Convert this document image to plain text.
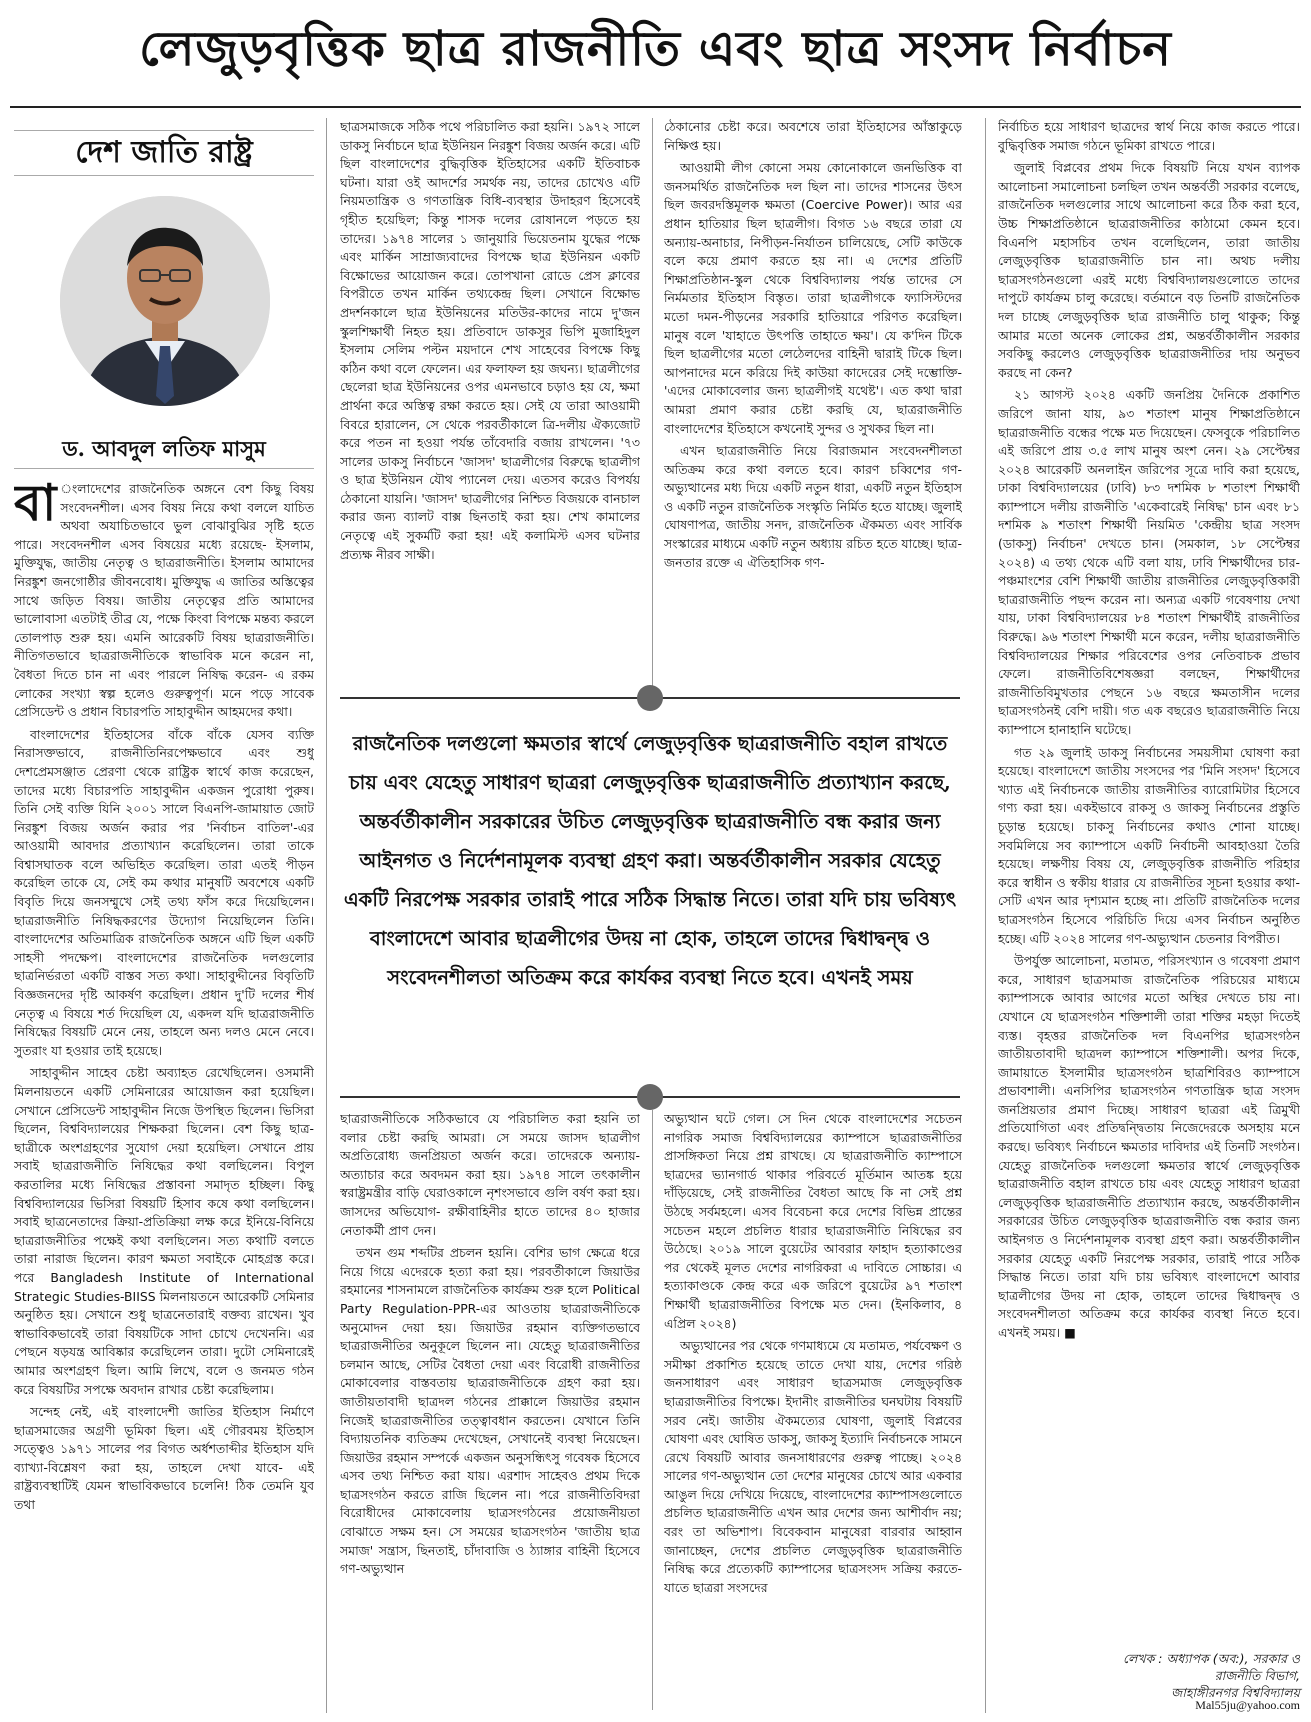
লেজুড়বৃত্তিক ছাত্র রাজনীতি এবং ছাত্র সংসদ নির্বাচন
দেশ জাতি রাষ্ট্র
ড. আবদুল লতিফ মাসুম

বা ংলাদেশের রাজনৈতিক অঙ্গনে বেশ কিছু বিষয় সংবেদনশীল। এসব বিষয় নিয়ে কথা বললে যাচিত অথবা অযাচিতভাবে ভুল বোঝাবুঝির সৃষ্টি হতে পারে। সংবেদনশীল এসব বিষয়ের মধ্যে রয়েছে- ইসলাম, মুক্তিযুদ্ধ, জাতীয় নেতৃত্ব ও ছাত্ররাজনীতি। ইসলাম আমাদের নিরঙ্কুশ জনগোষ্ঠীর জীবনবোধ। মুক্তিযুদ্ধ এ জাতির অস্তিত্বের সাথে জড়িত বিষয়। জাতীয় নেতৃত্বের প্রতি আমাদের ভালোবাসা এতটাই তীব্র যে, পক্ষে কিংবা বিপক্ষে মন্তব্য করলে তোলপাড় শুরু হয়। এমনি আরেকটি বিষয় ছাত্ররাজনীতি। নীতিগতভাবে ছাত্ররাজনীতিকে স্বাভাবিক মনে করেন না, বৈধতা দিতে চান না এবং পারলে নিষিদ্ধ করেন- এ রকম লোকের সংখ্যা স্বল্প হলেও গুরুত্বপূর্ণ। মনে পড়ে সাবেক প্রেসিডেন্ট ও প্রধান বিচারপতি সাহাবুদ্দীন আহমদের কথা।

বাংলাদেশের ইতিহাসের বাঁকে বাঁকে যেসব ব্যক্তি নিরাসক্তভাবে, রাজনীতিনিরপেক্ষভাবে এবং শুধু দেশপ্রেমসঞ্জাত প্রেরণা থেকে রাষ্ট্রিক স্বার্থে কাজ করেছেন, তাদের মধ্যে বিচারপতি সাহাবুদ্দীন একজন পুরোধা পুরুষ। তিনি সেই ব্যক্তি যিনি ২০০১ সালে বিএনপি-জামায়াত জোট নিরঙ্কুশ বিজয় অর্জন করার পর 'নির্বাচন বাতিল'-এর আওয়ামী আবদার প্রত্যাখ্যান করেছিলেন। তারা তাকে বিশ্বাসঘাতক বলে অভিহিত করেছিল। তারা এতই পীড়ন করেছিল তাকে যে, সেই কম কথার মানুষটি অবশেষে একটি বিবৃতি দিয়ে জনসম্মুখে সেই তথ্য ফাঁস করে দিয়েছিলেন। ছাত্ররাজনীতি নিষিদ্ধকরণের উদ্যোগ নিয়েছিলেন তিনি। বাংলাদেশের অতিমাত্রিক রাজনৈতিক অঙ্গনে এটি ছিল একটি সাহসী পদক্ষেপ। বাংলাদেশের রাজনৈতিক দলগুলোর ছাত্রনির্ভরতা একটি বাস্তব সত্য কথা। সাহাবুদ্দীনের বিবৃতিটি বিজ্ঞজনদের দৃষ্টি আকর্ষণ করেছিল। প্রধান দু'টি দলের শীর্ষ নেতৃত্ব এ বিষয়ে শর্ত দিয়েছিল যে, একদল যদি ছাত্ররাজনীতি নিষিদ্ধের বিষয়টি মেনে নেয়, তাহলে অন্য দলও মেনে নেবে। সুতরাং যা হওয়ার তাই হয়েছে।

সাহাবুদ্দীন সাহেব চেষ্টা অব্যাহত রেখেছিলেন। ওসমানী মিলনায়তনে একটি সেমিনারের আয়োজন করা হয়েছিল। সেখানে প্রেসিডেন্ট সাহাবুদ্দীন নিজে উপস্থিত ছিলেন। ভিসিরা ছিলেন, বিশ্ববিদ্যালয়ের শিক্ষকরা ছিলেন। বেশ কিছু ছাত্র-ছাত্রীকে অংশগ্রহণের সুযোগ দেয়া হয়েছিল। সেখানে প্রায় সবাই ছাত্ররাজনীতি নিষিদ্ধের কথা বলছিলেন। বিপুল করতালির মধ্যে নিষিদ্ধের প্রস্তাবনা সমাদৃত হচ্ছিল। কিছু বিশ্ববিদ্যালয়ের ভিসিরা বিষয়টি হিসাব কষে কথা বলছিলেন। সবাই ছাত্রনেতাদের ক্রিয়া-প্রতিক্রিয়া লক্ষ করে ইনিয়ে-বিনিয়ে ছাত্ররাজনীতির পক্ষেই কথা বলছিলেন। সত্য কথাটি বলতে তারা নারাজ ছিলেন। কারণ ক্ষমতা সবাইকে মোহগ্রস্ত করে। পরে Bangladesh Institute of International Strategic Studies-BIISS মিলনায়তনে আরেকটি সেমিনার অনুষ্ঠিত হয়। সেখানে শুধু ছাত্রনেতারাই বক্তব্য রাখেন। খুব স্বাভাবিকভাবেই তারা বিষয়টিকে সাদা চোখে দেখেননি। এর পেছনে ষড়যন্ত্র আবিষ্কার করেছিলেন তারা। দুটো সেমিনারেই আমার অংশগ্রহণ ছিল। আমি লিখে, বলে ও জনমত গঠন করে বিষয়টির সপক্ষে অবদান রাখার চেষ্টা করেছিলাম।

সন্দেহ নেই, এই বাংলাদেশী জাতির ইতিহাস নির্মাণে ছাত্রসমাজের অগ্রণী ভূমিকা ছিল। এই গৌরবময় ইতিহাস সত্ত্বেও ১৯৭১ সালের পর বিগত অর্ধশতাব্দীর ইতিহাস যদি ব্যাখ্যা-বিশ্লেষণ করা হয়, তাহলে দেখা যাবে- এই রাষ্ট্রব্যবস্থাটিই যেমন স্বাভাবিকভাবে চলেনি! ঠিক তেমনি যুব তথা

ছাত্রসমাজকে সঠিক পথে পরিচালিত করা হয়নি। ১৯৭২ সালে ডাকসু নির্বাচনে ছাত্র ইউনিয়ন নিরঙ্কুশ বিজয় অর্জন করে। এটি ছিল বাংলাদেশের বুদ্ধিবৃত্তিক ইতিহাসের একটি ইতিবাচক ঘটনা। যারা ওই আদর্শের সমর্থক নয়, তাদের চোখেও এটি নিয়মতান্ত্রিক ও গণতান্ত্রিক বিধি-ব্যবস্থার উদাহরণ হিসেবেই গৃহীত হয়েছিল; কিন্তু শাসক দলের রোষানলে পড়তে হয় তাদের। ১৯৭৪ সালের ১ জানুয়ারি ভিয়েতনাম যুদ্ধের পক্ষে এবং মার্কিন সাম্রাজ্যবাদের বিপক্ষে ছাত্র ইউনিয়ন একটি বিক্ষোভের আয়োজন করে। তোপখানা রোডে প্রেস ক্লাবের বিপরীতে তখন মার্কিন তথ্যকেন্দ্র ছিল। সেখানে বিক্ষোভ প্রদর্শনকালে ছাত্র ইউনিয়নের মতিউর-কাদের নামে দু'জন স্কুলশিক্ষার্থী নিহত হয়। প্রতিবাদে ডাকসুর ভিপি মুজাহিদুল ইসলাম সেলিম পল্টন ময়দানে শেখ সাহেবের বিপক্ষে কিছু কঠিন কথা বলে ফেলেন। এর ফলাফল হয় জঘন্য। ছাত্রলীগের ছেলেরা ছাত্র ইউনিয়নের ওপর এমনভাবে চড়াও হয় যে, ক্ষমা প্রার্থনা করে অস্তিত্ব রক্ষা করতে হয়। সেই যে তারা আওয়ামী বিবরে হারালেন, সে থেকে পরবর্তীকালে ত্রি-দলীয় ঐক্যজোট করে পতন না হওয়া পর্যন্ত তাঁবেদারি বজায় রাখলেন। '৭৩ সালের ডাকসু নির্বাচনে 'জাসদ' ছাত্রলীগের বিরুদ্ধে ছাত্রলীগ ও ছাত্র ইউনিয়ন যৌথ প্যানেল দেয়। এতসব করেও বিপর্যয় ঠেকানো যায়নি। 'জাসদ' ছাত্রলীগের নিশ্চিত বিজয়কে বানচাল করার জন্য ব্যালট বাক্স ছিনতাই করা হয়। শেখ কামালের নেতৃত্বে এই সুকর্মটি করা হয়! এই কলামিস্ট এসব ঘটনার প্রত্যক্ষ নীরব সাক্ষী।

ঠেকানোর চেষ্টা করে। অবশেষে তারা ইতিহাসের আঁস্তাকুড়ে নিক্ষিপ্ত হয়।

আওয়ামী লীগ কোনো সময় কোনোকালে জনভিত্তিক বা জনসমর্থিত রাজনৈতিক দল ছিল না। তাদের শাসনের উৎস ছিল জবরদস্তিমূলক ক্ষমতা (Coercive Power)। আর এর প্রধান হাতিয়ার ছিল ছাত্রলীগ। বিগত ১৬ বছরে তারা যে অন্যায়-অনাচার, নিপীড়ন-নির্যাতন চালিয়েছে, সেটি কাউকে বলে কয়ে প্রমাণ করতে হয় না। এ দেশের প্রতিটি শিক্ষাপ্রতিষ্ঠান-স্কুল থেকে বিশ্ববিদ্যালয় পর্যন্ত তাদের সে নির্মমতার ইতিহাস বিস্তৃত। তারা ছাত্রলীগকে ফ্যাসিস্টদের মতো দমন-পীড়নের সরকারি হাতিয়ারে পরিণত করেছিল। মানুষ বলে 'যাহাতে উৎপত্তি তাহাতে ক্ষয়'। যে ক'দিন টিকে ছিল ছাত্রলীগের মতো লেঠেলদের বাহিনী দ্বারাই টিকে ছিল। আপনাদের মনে করিয়ে দিই কাউয়া কাদেরের সেই দম্ভোক্তি- 'এদের মোকাবেলার জন্য ছাত্রলীগই যথেষ্ট'। এত কথা দ্বারা আমরা প্রমাণ করার চেষ্টা করছি যে, ছাত্ররাজনীতি বাংলাদেশের ইতিহাসে কখনোই সুন্দর ও সুখকর ছিল না।

এখন ছাত্ররাজনীতি নিয়ে বিরাজমান সংবেদনশীলতা অতিক্রম করে কথা বলতে হবে। কারণ চব্বিশের গণ-অভ্যুত্থানের মধ্য দিয়ে একটি নতুন ধারা, একটি নতুন ইতিহাস ও একটি নতুন রাজনৈতিক সংস্কৃতি নির্মিত হতে যাচ্ছে। জুলাই ঘোষণাপত্র, জাতীয় সনদ, রাজনৈতিক ঐকমত্য এবং সার্বিক সংস্কারের মাধ্যমে একটি নতুন অধ্যায় রচিত হতে যাচ্ছে। ছাত্র-জনতার রক্তে এ ঐতিহাসিক গণ-

রাজনৈতিক দলগুলো ক্ষমতার স্বার্থে লেজুড়বৃত্তিক ছাত্ররাজনীতি বহাল রাখতে চায় এবং যেহেতু সাধারণ ছাত্ররা লেজুড়বৃত্তিক ছাত্ররাজনীতি প্রত্যাখ্যান করছে, অন্তর্বর্তীকালীন সরকারের উচিত লেজুড়বৃত্তিক ছাত্ররাজনীতি বন্ধ করার জন্য আইনগত ও নির্দেশনামূলক ব্যবস্থা গ্রহণ করা। অন্তর্বর্তীকালীন সরকার যেহেতু একটি নিরপেক্ষ সরকার তারাই পারে সঠিক সিদ্ধান্ত নিতে। তারা যদি চায় ভবিষ্যৎ বাংলাদেশে আবার ছাত্রলীগের উদয় না হোক, তাহলে তাদের দ্বিধাদ্বন্দ্ব ও সংবেদনশীলতা অতিক্রম করে কার্যকর ব্যবস্থা নিতে হবে। এখনই সময়

ছাত্ররাজনীতিকে সঠিকভাবে যে পরিচালিত করা হয়নি তা বলার চেষ্টা করছি আমরা। সে সময়ে জাসদ ছাত্রলীগ অপ্রতিরোধ্য জনপ্রিয়তা অর্জন করে। তাদেরকে অন্যায়-অত্যাচার করে অবদমন করা হয়। ১৯৭৪ সালে তৎকালীন স্বরাষ্ট্রমন্ত্রীর বাড়ি ঘেরাওকালে নৃশংসভাবে গুলি বর্ষণ করা হয়। জাসদের অভিযোগ- রক্ষীবাহিনীর হাতে তাদের ৪০ হাজার নেতাকর্মী প্রাণ দেন।

তখন গুম শব্দটির প্রচলন হয়নি। বেশির ভাগ ক্ষেত্রে ধরে নিয়ে গিয়ে এদেরকে হত্যা করা হয়। পরবর্তীকালে জিয়াউর রহমানের শাসনামলে রাজনৈতিক কার্যক্রম শুরু হলে Political Party Regulation-PPR-এর আওতায় ছাত্ররাজনীতিকে অনুমোদন দেয়া হয়। জিয়াউর রহমান ব্যক্তিগতভাবে ছাত্ররাজনীতির অনুকূলে ছিলেন না। যেহেতু ছাত্ররাজনীতির চলমান আছে, সেটির বৈধতা দেয়া এবং বিরোধী রাজনীতির মোকাবেলার বাস্তবতায় ছাত্ররাজনীতিকে গ্রহণ করা হয়। জাতীয়তাবাদী ছাত্রদল গঠনের প্রাক্কালে জিয়াউর রহমান নিজেই ছাত্ররাজনীতির তত্ত্বাবধান করতেন। যেখানে তিনি বিদ্যায়তনিক ব্যতিক্রম দেখেছেন, সেখানেই ব্যবস্থা নিয়েছেন। জিয়াউর রহমান সম্পর্কে একজন অনুসন্ধিৎসু গবেষক হিসেবে এসব তথ্য নিশ্চিত করা যায়। এরশাদ সাহেবও প্রথম দিকে ছাত্রসংগঠন করতে রাজি ছিলেন না। পরে রাজনীতিবিদরা বিরোধীদের মোকাবেলায় ছাত্রসংগঠনের প্রয়োজনীয়তা বোঝাতে সক্ষম হন। সে সময়ের ছাত্রসংগঠন 'জাতীয় ছাত্র সমাজ' সন্ত্রাস, ছিনতাই, চাঁদাবাজি ও ঠ্যাঙ্গার বাহিনী হিসেবে গণ-অভ্যুত্থান

অভ্যুত্থান ঘটে গেল। সে দিন থেকে বাংলাদেশের সচেতন নাগরিক সমাজ বিশ্ববিদ্যালয়ের ক্যাম্পাসে ছাত্ররাজনীতির প্রাসঙ্গিকতা নিয়ে প্রশ্ন রাখছে। যে ছাত্ররাজনীতি ক্যাম্পাসে ছাত্রদের ভ্যানগার্ড থাকার পরিবর্তে মূর্তিমান আতঙ্ক হয়ে দাঁড়িয়েছে, সেই রাজনীতির বৈধতা আছে কি না সেই প্রশ্ন উঠছে সর্বমহলে। এসব বিবেচনা করে দেশের বিভিন্ন প্রান্তের সচেতন মহলে প্রচলিত ধারার ছাত্ররাজনীতি নিষিদ্ধের রব উঠেছে। ২০১৯ সালে বুয়েটের আবরার ফাহাদ হত্যাকাণ্ডের পর থেকেই মূলত দেশের নাগরিকরা এ দাবিতে সোচ্চার। এ হত্যাকাণ্ডকে কেন্দ্র করে এক জরিপে বুয়েটের ৯৭ শতাংশ শিক্ষার্থী ছাত্ররাজনীতির বিপক্ষে মত দেন। (ইনকিলাব, ৪ এপ্রিল ২০২৪)

অভ্যুত্থানের পর থেকে গণমাধ্যমে যে মতামত, পর্যবেক্ষণ ও সমীক্ষা প্রকাশিত হয়েছে তাতে দেখা যায়, দেশের গরিষ্ঠ জনসাধারণ এবং সাধারণ ছাত্রসমাজ লেজুড়বৃত্তিক ছাত্ররাজনীতির বিপক্ষে। ইদানীং রাজনীতির ঘনঘটায় বিষয়টি সরব নেই। জাতীয় ঐকমত্যের ঘোষণা, জুলাই বিপ্লবের ঘোষণা এবং ঘোষিত ডাকসু, জাকসু ইত্যাদি নির্বাচনকে সামনে রেখে বিষয়টি আবার জনসাধারণের গুরুত্ব পাচ্ছে। ২০২৪ সালের গণ-অভ্যুত্থান তো দেশের মানুষের চোখে আর একবার আঙুল দিয়ে দেখিয়ে দিয়েছে, বাংলাদেশের ক্যাম্পাসগুলোতে প্রচলিত ছাত্ররাজনীতি এখন আর দেশের জন্য আশীর্বাদ নয়; বরং তা অভিশাপ। বিবেকবান মানুষেরা বারবার আহ্বান জানাচ্ছেন, দেশের প্রচলিত লেজুড়বৃত্তিক ছাত্ররাজনীতি নিষিদ্ধ করে প্রত্যেকটি ক্যাম্পাসের ছাত্রসংসদ সক্রিয় করতে- যাতে ছাত্ররা সংসদের

নির্বাচিত হয়ে সাধারণ ছাত্রদের স্বার্থ নিয়ে কাজ করতে পারে। বুদ্ধিবৃত্তিক সমাজ গঠনে ভূমিকা রাখতে পারে।

জুলাই বিপ্লবের প্রথম দিকে বিষয়টি নিয়ে যখন ব্যাপক আলোচনা সমালোচনা চলছিল তখন অন্তর্বর্তী সরকার বলেছে, রাজনৈতিক দলগুলোর সাথে আলোচনা করে ঠিক করা হবে, উচ্চ শিক্ষাপ্রতিষ্ঠানে ছাত্ররাজনীতির কাঠামো কেমন হবে। বিএনপি মহাসচিব তখন বলেছিলেন, তারা জাতীয় লেজুড়বৃত্তিক ছাত্ররাজনীতি চান না। অথচ দলীয় ছাত্রসংগঠনগুলো এরই মধ্যে বিশ্ববিদ্যালয়গুলোতে তাদের দাপুটে কার্যক্রম চালু করেছে। বর্তমানে বড় তিনটি রাজনৈতিক দল চাচ্ছে লেজুড়বৃত্তিক ছাত্র রাজনীতি চালু থাকুক; কিন্তু আমার মতো অনেক লোকের প্রশ্ন, অন্তর্বর্তীকালীন সরকার সবকিছু করলেও লেজুড়বৃত্তিক ছাত্ররাজনীতির দায় অনুভব করছে না কেন?

২১ আগস্ট ২০২৪ একটি জনপ্রিয় দৈনিকে প্রকাশিত জরিপে জানা যায়, ৯৩ শতাংশ মানুষ শিক্ষাপ্রতিষ্ঠানে ছাত্ররাজনীতি বন্ধের পক্ষে মত দিয়েছেন। ফেসবুকে পরিচালিত এই জরিপে প্রায় ৩.৫ লাখ মানুষ অংশ নেন। ২৯ সেপ্টেম্বর ২০২৪ আরেকটি অনলাইন জরিপের সূত্রে দাবি করা হয়েছে, ঢাকা বিশ্ববিদ্যালয়ের (ঢাবি) ৮৩ দশমিক ৮ শতাংশ শিক্ষার্থী ক্যাম্পাসে দলীয় রাজনীতি 'একেবারেই নিষিদ্ধ' চান এবং ৮১ দশমিক ৯ শতাংশ শিক্ষার্থী নিয়মিত 'কেন্দ্রীয় ছাত্র সংসদ (ডাকসু) নির্বাচন' দেখতে চান। (সমকাল, ১৮ সেপ্টেম্বর ২০২৪) এ তথ্য থেকে এটি বলা যায়, ঢাবি শিক্ষার্থীদের চার-পঞ্চমাংশের বেশি শিক্ষার্থী জাতীয় রাজনীতির লেজুড়বৃত্তিকারী ছাত্ররাজনীতি পছন্দ করেন না। অন্যত্র একটি গবেষণায় দেখা যায়, ঢাকা বিশ্ববিদ্যালয়ের ৮৪ শতাংশ শিক্ষার্থীই রাজনীতির বিরুদ্ধে। ৯৬ শতাংশ শিক্ষার্থী মনে করেন, দলীয় ছাত্ররাজনীতি বিশ্ববিদ্যালয়ের শিক্ষার পরিবেশের ওপর নেতিবাচক প্রভাব ফেলে। রাজনীতিবিশেষজ্ঞরা বলছেন, শিক্ষার্থীদের রাজনীতিবিমুখতার পেছনে ১৬ বছরে ক্ষমতাসীন দলের ছাত্রসংগঠনই বেশি দায়ী। গত এক বছরেও ছাত্ররাজনীতি নিয়ে ক্যাম্পাসে হানাহানি ঘটেছে।

গত ২৯ জুলাই ডাকসু নির্বাচনের সময়সীমা ঘোষণা করা হয়েছে। বাংলাদেশে জাতীয় সংসদের পর 'মিনি সংসদ' হিসেবে খ্যাত এই নির্বাচনকে জাতীয় রাজনীতির ব্যারোমিটার হিসেবে গণ্য করা হয়। একইভাবে রাকসু ও জাকসু নির্বাচনের প্রস্তুতি চূড়ান্ত হয়েছে। চাকসু নির্বাচনের কথাও শোনা যাচ্ছে। সবমিলিয়ে সব ক্যাম্পাসে একটি নির্বাচনী আবহাওয়া তৈরি হয়েছে। লক্ষণীয় বিষয় যে, লেজুড়বৃত্তিক রাজনীতি পরিহার করে স্বাধীন ও স্বকীয় ধারার যে রাজনীতির সূচনা হওয়ার কথা- সেটি এখন আর দৃশ্যমান হচ্ছে না। প্রতিটি রাজনৈতিক দলের ছাত্রসংগঠন হিসেবে পরিচিতি দিয়ে এসব নির্বাচন অনুষ্ঠিত হচ্ছে। এটি ২০২৪ সালের গণ-অভ্যুত্থান চেতনার বিপরীত।

উপর্যুক্ত আলোচনা, মতামত, পরিসংখ্যান ও গবেষণা প্রমাণ করে, সাধারণ ছাত্রসমাজ রাজনৈতিক পরিচয়ের মাধ্যমে ক্যাম্পাসকে আবার আগের মতো অস্থির দেখতে চায় না। যেখানে যে ছাত্রসংগঠন শক্তিশালী তারা শক্তির মহড়া দিতেই ব্যস্ত। বৃহত্তর রাজনৈতিক দল বিএনপির ছাত্রসংগঠন জাতীয়তাবাদী ছাত্রদল ক্যাম্পাসে শক্তিশালী। অপর দিকে, জামায়াতে ইসলামীর ছাত্রসংগঠন ছাত্রশিবিরও ক্যাম্পাসে প্রভাবশালী। এনসিপির ছাত্রসংগঠন গণতান্ত্রিক ছাত্র সংসদ জনপ্রিয়তার প্রমাণ দিচ্ছে। সাধারণ ছাত্ররা এই ত্রিমুখী প্রতিযোগিতা এবং প্রতিদ্বন্দ্বিতায় নিজেদেরকে অসহায় মনে করছে। ভবিষ্যৎ নির্বাচনে ক্ষমতার দাবিদার এই তিনটি সংগঠন। যেহেতু রাজনৈতিক দলগুলো ক্ষমতার স্বার্থে লেজুড়বৃত্তিক ছাত্ররাজনীতি বহাল রাখতে চায় এবং যেহেতু সাধারণ ছাত্ররা লেজুড়বৃত্তিক ছাত্ররাজনীতি প্রত্যাখ্যান করছে, অন্তর্বর্তীকালীন সরকারের উচিত লেজুড়বৃত্তিক ছাত্ররাজনীতি বন্ধ করার জন্য আইনগত ও নির্দেশনামূলক ব্যবস্থা গ্রহণ করা। অন্তর্বর্তীকালীন সরকার যেহেতু একটি নিরপেক্ষ সরকার, তারাই পারে সঠিক সিদ্ধান্ত নিতে। তারা যদি চায় ভবিষ্যৎ বাংলাদেশে আবার ছাত্রলীগের উদয় না হোক, তাহলে তাদের দ্বিধাদ্বন্দ্ব ও সংবেদনশীলতা অতিক্রম করে কার্যকর ব্যবস্থা নিতে হবে। এখনই সময়। ■

লেখক : অধ্যাপক (অব:), সরকার ও
রাজনীতি বিভাগ,
জাহাঙ্গীরনগর বিশ্ববিদ্যালয়
Mal55ju@yahoo.com
